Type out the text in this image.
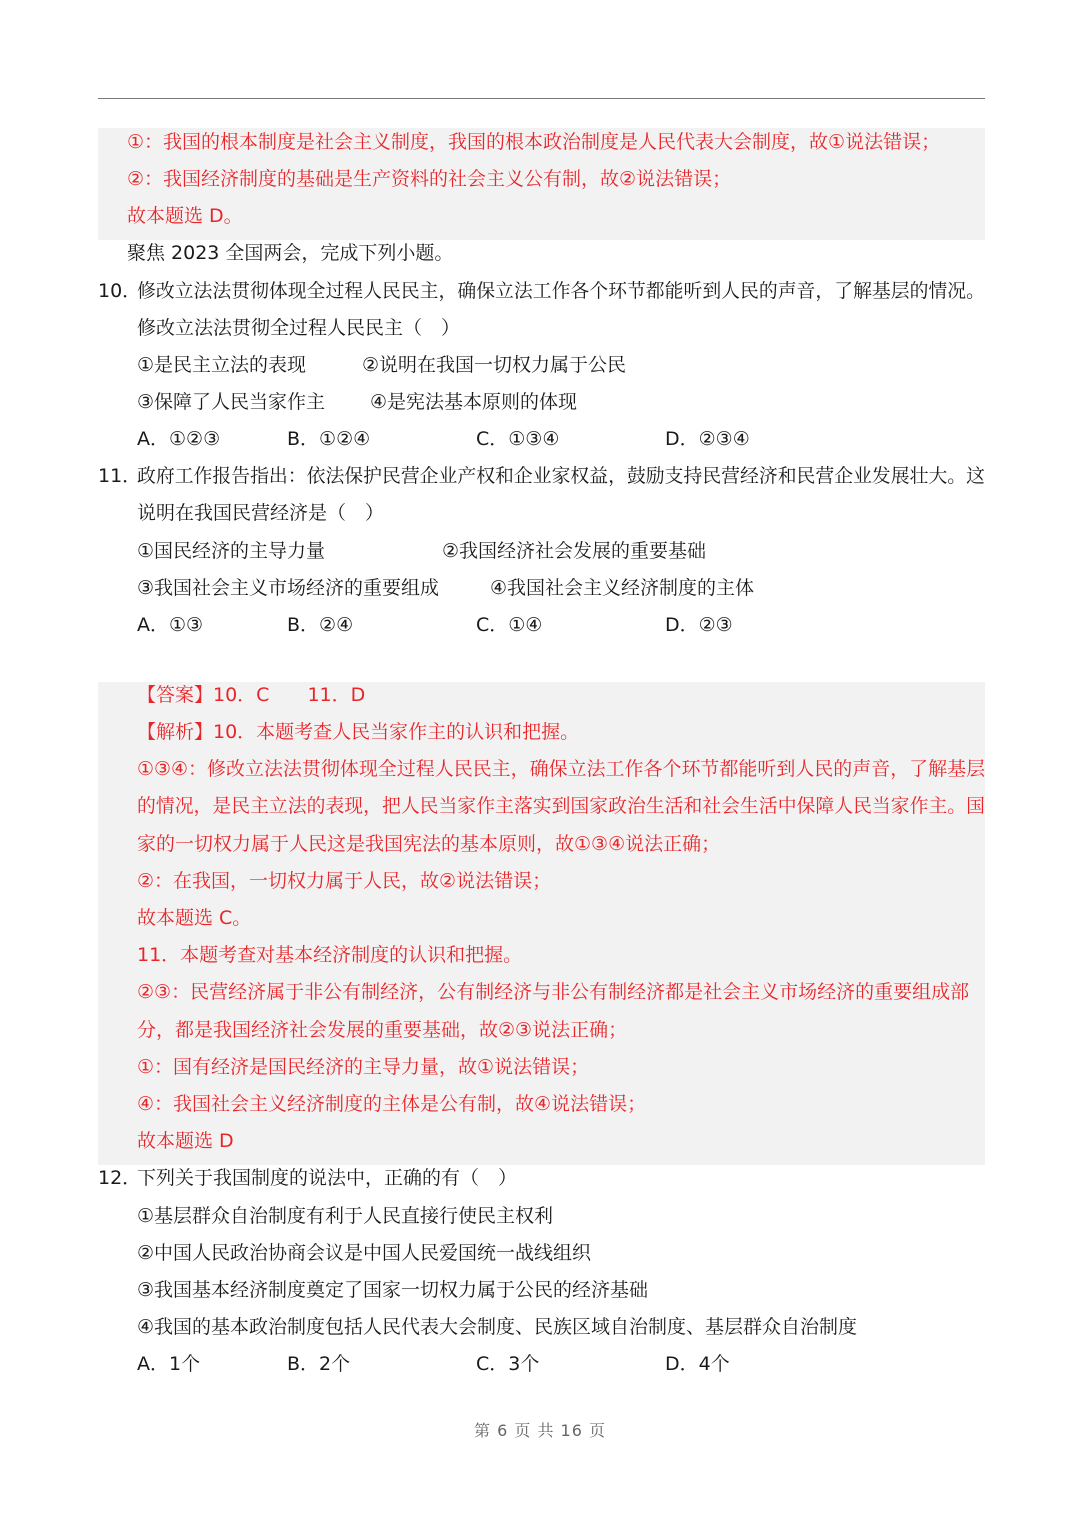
①：我国的根本制度是社会主义制度，我国的根本政治制度是人民代表大会制度，故①说法错误；
②：我国经济制度的基础是生产资料的社会主义公有制，故②说法错误；
故本题选 D。
聚焦 2023 全国两会，完成下列小题。
10．
修改立法法贯彻体现全过程人民民主，确保立法工作各个环节都能听到人民的声音，了解基层的情况。
修改立法法贯彻全过程人民民主（　）
①是民主立法的表现	②说明在我国一切权力属于公民
③保障了人民当家作主 ④是宪法基本原则的体现
A．①②③	B．①②④	C．①③④	D．②③④
11．
政府工作报告指出：依法保护民营企业产权和企业家权益，鼓励支持民营经济和民营企业发展壮大。这
说明在我国民营经济是（　）
①国民经济的主导力量	②我国经济社会发展的重要基础
③我国社会主义市场经济的重要组成	④我国社会主义经济制度的主体
A．①③	B．②④	C．①④	D．②③
【答案】10．C　　11．D
【解析】10．本题考查人民当家作主的认识和把握。
①③④：修改立法法贯彻体现全过程人民民主，确保立法工作各个环节都能听到人民的声音，了解基层
的情况，是民主立法的表现，把人民当家作主落实到国家政治生活和社会生活中保障人民当家作主。国
家的一切权力属于人民这是我国宪法的基本原则，故①③④说法正确；
②：在我国，一切权力属于人民，故②说法错误；
故本题选 C。
11．本题考查对基本经济制度的认识和把握。
②③：民营经济属于非公有制经济，公有制经济与非公有制经济都是社会主义市场经济的重要组成部
分，都是我国经济社会发展的重要基础，故②③说法正确；
①：国有经济是国民经济的主导力量，故①说法错误；
④：我国社会主义经济制度的主体是公有制，故④说法错误；
故本题选 D
12．
下列关于我国制度的说法中，正确的有（　）
①基层群众自治制度有利于人民直接行使民主权利
②中国人民政治协商会议是中国人民爱国统一战线组织
③我国基本经济制度奠定了国家一切权力属于公民的经济基础
④我国的基本政治制度包括人民代表大会制度、民族区域自治制度、基层群众自治制度
A．1个	B．2个	C．3个	D．4个
第 6 页 共 16 页
